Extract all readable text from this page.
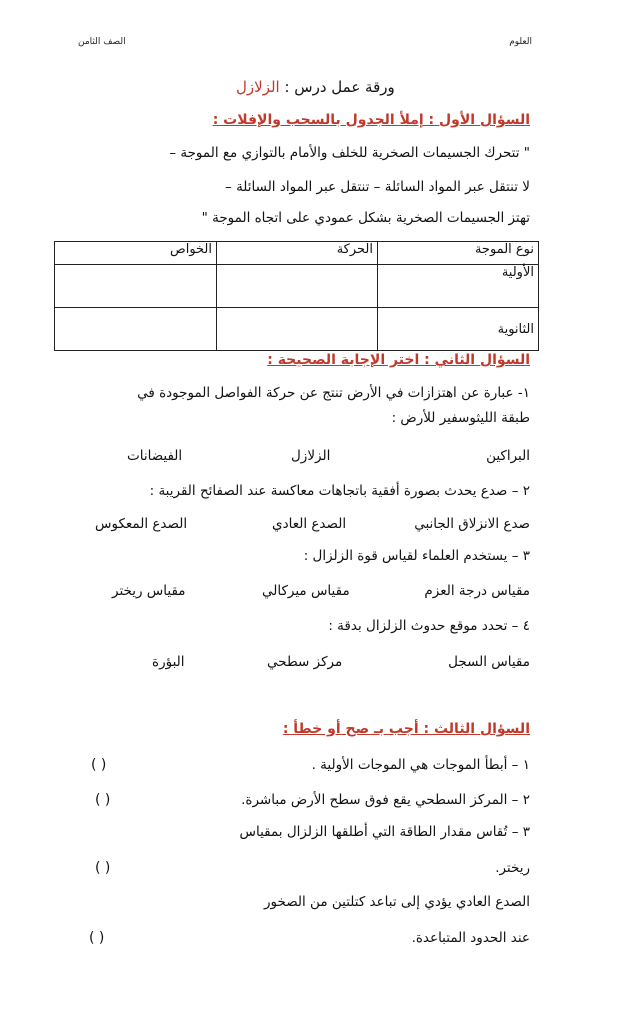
العلوم
الصف الثامن
ورقة عمل درس : الزلازل
السؤال الأول : إملأ الجدول بالسحب والإفلات :
" تتحرك الجسيمات الصخرية للخلف والأمام بالتوازي مع الموجة –
لا تنتقل عبر المواد السائلة – تنتقل عبر المواد السائلة –
تهتز الجسيمات الصخرية بشكل عمودي على اتجاه الموجة "
نوع الموجة	الحركة	الخواص
الأولية		
الثانوية		
السؤال الثاني : اختر الإجابة الصحيحة :
١- عبارة عن اهتزازات في الأرض تنتج عن حركة الفواصل الموجودة في
طبقة الليثوسفير للأرض :
البراكين
الزلازل
الفيضانات
٢ – صدع يحدث بصورة أفقية باتجاهات معاكسة عند الصفائح القريبة :
صدع الانزلاق الجانبي
الصدع العادي
الصدع المعكوس
٣ – يستخدم العلماء لقياس قوة الزلزال :
مقياس درجة العزم
مقياس ميركالي
مقياس ريختر
٤ – تحدد موقع حدوث الزلزال بدقة :
مقياس السجل
مركز سطحي
البؤرة
السؤال الثالث : أجب بـ صح أو خطأ :
١ – أبطأ الموجات هي الموجات الأولية .
( )
٢ – المركز السطحي يقع فوق سطح الأرض مباشرة.
( )
٣ – تُقاس مقدار الطاقة التي أطلقها الزلزال بمقياس
ريختر.
( )
الصدع العادي يؤدي إلى تباعد كتلتين من الصخور
عند الحدود المتباعدة.
( )
